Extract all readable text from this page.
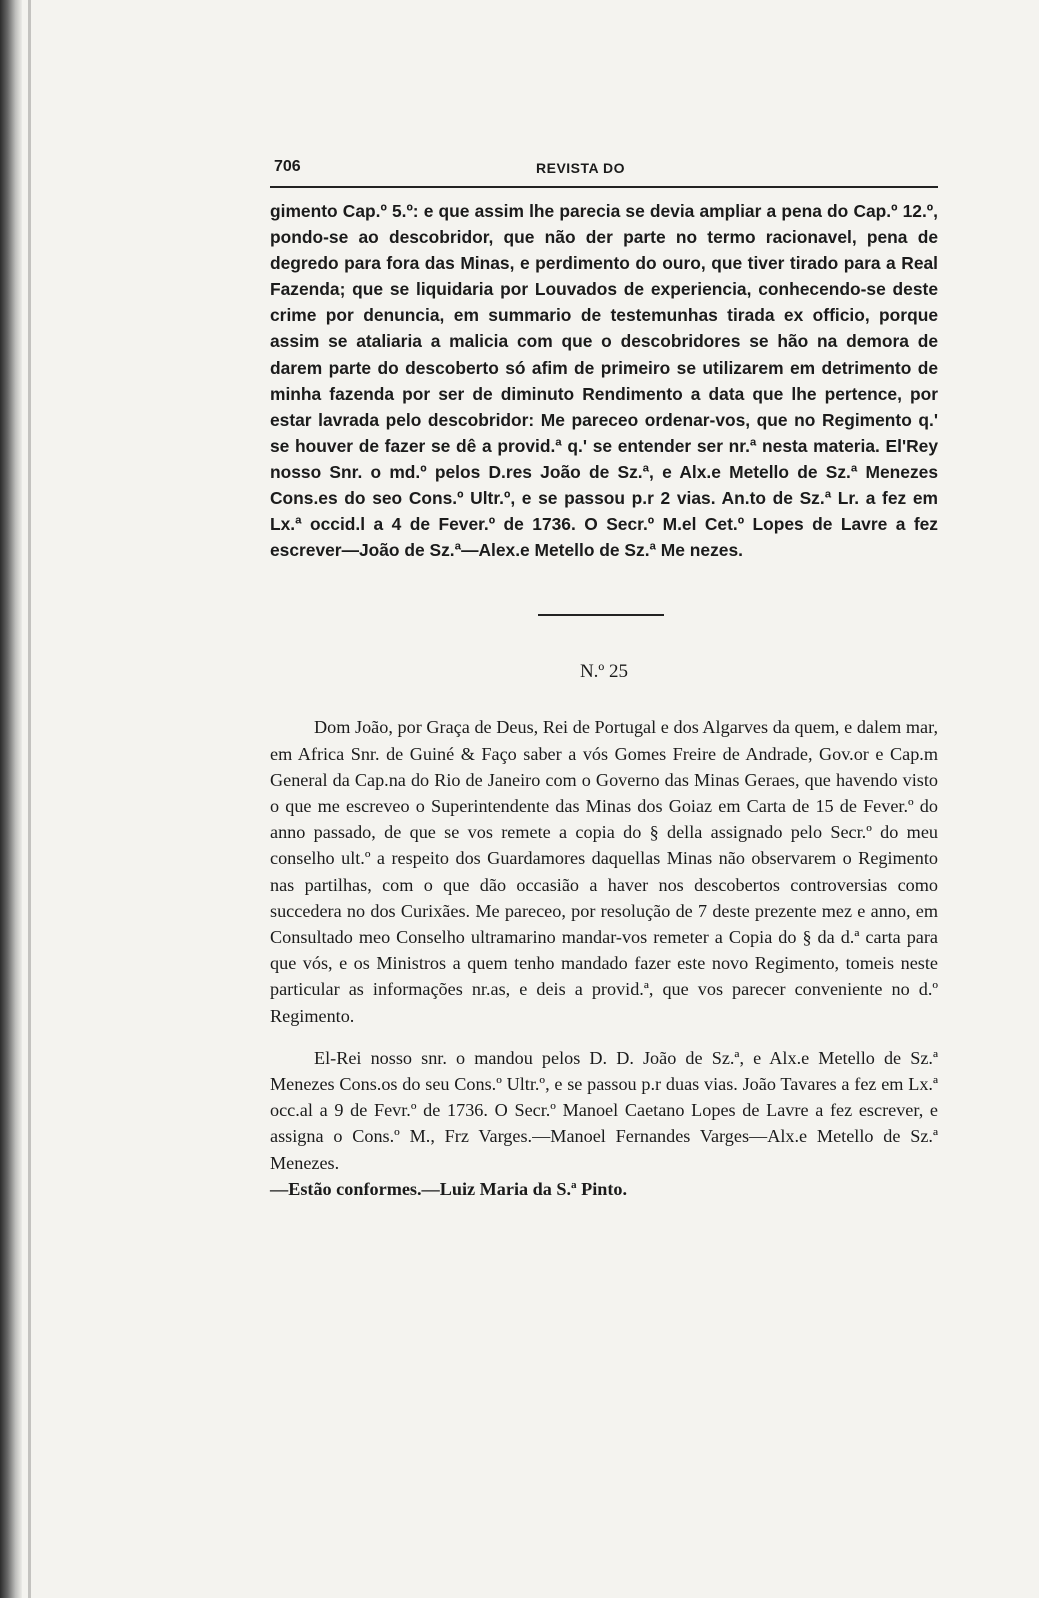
706	REVISTA DO

gimento Cap.º 5.º: e que assim lhe parecia se devia ampliar a pena do Cap.º 12.º, pondo-se ao descobridor, que não der parte no termo racionavel, pena de degredo para fora das Minas, e perdimento do ouro, que tiver tirado para a Real Fazenda; que se liquidaria por Louvados de experiencia, conhecendo-se deste crime por denuncia, em summario de testemunhas tirada ex officio, porque assim se ataliaria a malicia com que o descobridores se hão na demora de darem parte do descoberto só afim de primeiro se utilizarem em detrimento de minha fazenda por ser de diminuto Rendimento a data que lhe pertence, por estar lavrada pelo descobridor: Me pareceo ordenar-vos, que no Regimento q.' se houver de fazer se dê a provid.ª q.' se entender ser nr.ª nesta materia. El'Rey nosso Snr. o md.º pelos D.res João de Sz.ª, e Alx.e Metello de Sz.ª Menezes Cons.es do seo Cons.º Ultr.º, e se passou p.r 2 vias. An.to de Sz.ª Lr. a fez em Lx.ª occid.l a 4 de Fever.º de 1736. O Secr.º M.el Cet.º Lopes de Lavre a fez escrever—João de Sz.ª—Alex.e Metello de Sz.ª Me nezes.

N.º 25

Dom João, por Graça de Deus, Rei de Portugal e dos Algarves da quem, e dalem mar, em Africa Snr. de Guiné & Faço saber a vós Gomes Freire de Andrade, Gov.or e Cap.m General da Cap.na do Rio de Janeiro com o Governo das Minas Geraes, que havendo visto o que me escreveo o Superintendente das Minas dos Goiaz em Carta de 15 de Fever.º do anno passado, de que se vos remete a copia do § della assignado pelo Secr.º do meu conselho ult.º a respeito dos Guardamores daquellas Minas não observarem o Regimento nas partilhas, com o que dão occasião a haver nos descobertos controversias como succedera no dos Curixães. Me pareceo, por resolução de 7 deste prezente mez e anno, em Consultado meo Conselho ultramarino mandar-vos remeter a Copia do § da d.ª carta para que vós, e os Ministros a quem tenho mandado fazer este novo Regimento, tomeis neste particular as informações nr.as, e deis a provid.ª, que vos parecer conveniente no d.º Regimento.

El-Rei nosso snr. o mandou pelos D. D. João de Sz.ª, e Alx.e Metello de Sz.ª Menezes Cons.os do seu Cons.º Ultr.º, e se passou p.r duas vias. João Tavares a fez em Lx.ª occ.al a 9 de Fevr.º de 1736. O Secr.º Manoel Caetano Lopes de Lavre a fez escrever, e assigna o Cons.º M., Frz Varges.—Manoel Fernandes Varges—Alx.e Metello de Sz.ª Menezes.
—Estão conformes.—Luiz Maria da S.ª Pinto.
